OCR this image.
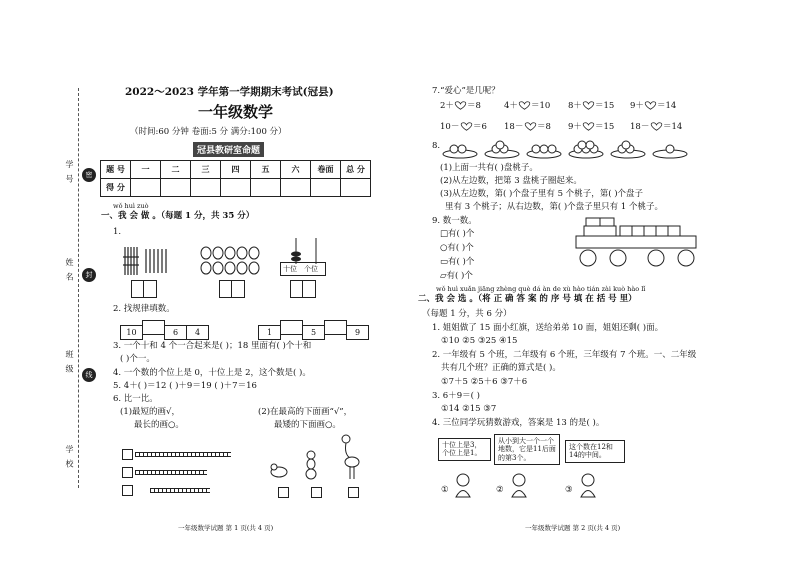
学 号
姓 名
班 级
学 校
密
封
线
2022～2023 学年第一学期期末考试(冠县)
一年级数学
（时间:60 分钟 卷面:5 分 满分:100 分）
冠县教研室命题
题 号	一	二	三	四	五	六	卷面	总 分
得 分								
wǒ huì zuò
一、我 会 做 。（每题 1 分，共 35 分）
1.
十位 个位
2. 找规律填数。
10	6 4	1	5	9
3. 一个十和 4 个一合起来是( )；18 里面有( )个十和
( )个一。
4. 一个数的个位上是 0，十位上是 2，这个数是( )。
5. 4＋( )＝12 ( )＋9＝19 ( )＋7＝16
6. 比一比。
(1)最短的画√，
最长的画○。
(2)在最高的下面画“√”，
最矮的下面画○。
一年级数学试题 第 1 页(共 4 页)
7.“爱心”是几呢？
2＋ ＝8	4＋ ＝10 8＋ ＝15 9＋ ＝14
10－ ＝6 18－ ＝8 9＋ ＝15 18－ ＝14
8.
(1)上面一共有( )盘桃子。
(2)从左边数，把第 3 盘桃子圈起来。
(3)从左边数，第( )个盘子里有 5 个桃子，第( )个盘子
里有 3 个桃子；从右边数，第( )个盘子里只有 1 个桃子。
9. 数一数。
□有( )个
○有( )个
▭有( )个
▱有( )个
wǒ huì xuǎn jiāng zhèng què dá àn de xù hào tián zài kuò hào lǐ
二、我 会 选 。（将 正 确 答 案 的 序 号 填 在 括 号 里）
（每题 1 分，共 6 分）
1. 姐姐做了 15 面小红旗，送给弟弟 10 面，姐姐还剩( )面。
①10 ②5 ③25 ④15
2. 一年级有 5 个班，二年级有 6 个班，三年级有 7 个班。一、二年级
共有几个班？正确的算式是( )。
①7＋5 ②5＋6 ③7＋6
3. 6＋9＝( )
①14 ②15 ③7
4. 三位同学玩猜数游戏，答案是 13 的是( )。
十位上是3，个位上是1。
从小到大一个一个地数，它是11后面的第3个。
这个数在12和14的中间。
①	②	③
一年级数学试题 第 2 页(共 4 页)
